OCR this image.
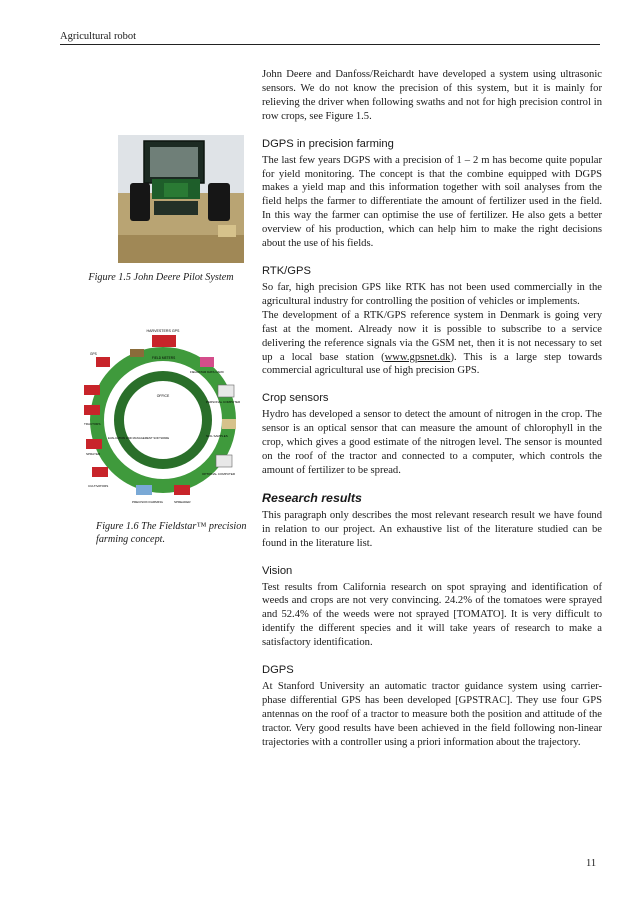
Agricultural robot
Figure 1.5 John Deere Pilot System
HARVESTERS GPS
FIELD METERS
FIELDSTAR DATA CARD
GPS
PERSONAL COMPUTER
TRACTORS
OFFICE
EVALUATION AND MANAGEMENT SOFTWARE	SOIL SAMPLES
SPRAYER
OPTIONAL COMPUTER
CULTIVATORS
SPREADER
PRECISION FARMING
Figure 1.6 The Fieldstar™ precision farming concept.

John Deere and Danfoss/Reichardt have developed a system using ultrasonic sensors. We do not know the precision of this system, but it is mainly for relieving the driver when following swaths and not for high precision control in row crops, see Figure 1.5.

DGPS in precision farming

The last few years DGPS with a precision of 1 – 2 m has become quite popular for yield monitoring. The concept is that the combine equipped with DGPS makes a yield map and this information together with soil analyses from the field helps the farmer to differentiate the amount of fertilizer used in the field. In this way the farmer can optimise the use of fertilizer. He also gets a better overview of his production, which can help him to make the right decisions about the use of his fields.

RTK/GPS

So far, high precision GPS like RTK has not been used commercially in the agricultural industry for controlling the position of vehicles or implements.

The development of a RTK/GPS reference system in Denmark is going very fast at the moment. Already now it is possible to subscribe to a service delivering the reference signals via the GSM net, then it is not necessary to set up a local base station (www.gpsnet.dk). This is a large step towards commercial agricultural use of high precision GPS.

Crop sensors

Hydro has developed a sensor to detect the amount of nitrogen in the crop. The sensor is an optical sensor that can measure the amount of chlorophyll in the crop, which gives a good estimate of the nitrogen level. The sensor is mounted on the roof of the tractor and connected to a computer, which controls the amount of fertilizer to be spread.

Research results

This paragraph only describes the most relevant research result we have found in relation to our project. An exhaustive list of the literature studied can be found in the literature list.

Vision

Test results from California research on spot spraying and identification of weeds and crops are not very convincing. 24.2% of the tomatoes were sprayed and 52.4% of the weeds were not sprayed [TOMATO]. It is very difficult to identify the different species and it will take years of research to make a satisfactory identification.

DGPS

At Stanford University an automatic tractor guidance system using carrier-phase differential GPS has been developed [GPSTRAC]. They use four GPS antennas on the roof of a tractor to measure both the position and attitude of the tractor. Very good results have been achieved in the field following non-linear trajectories with a controller using a priori information about the trajectory.

11
